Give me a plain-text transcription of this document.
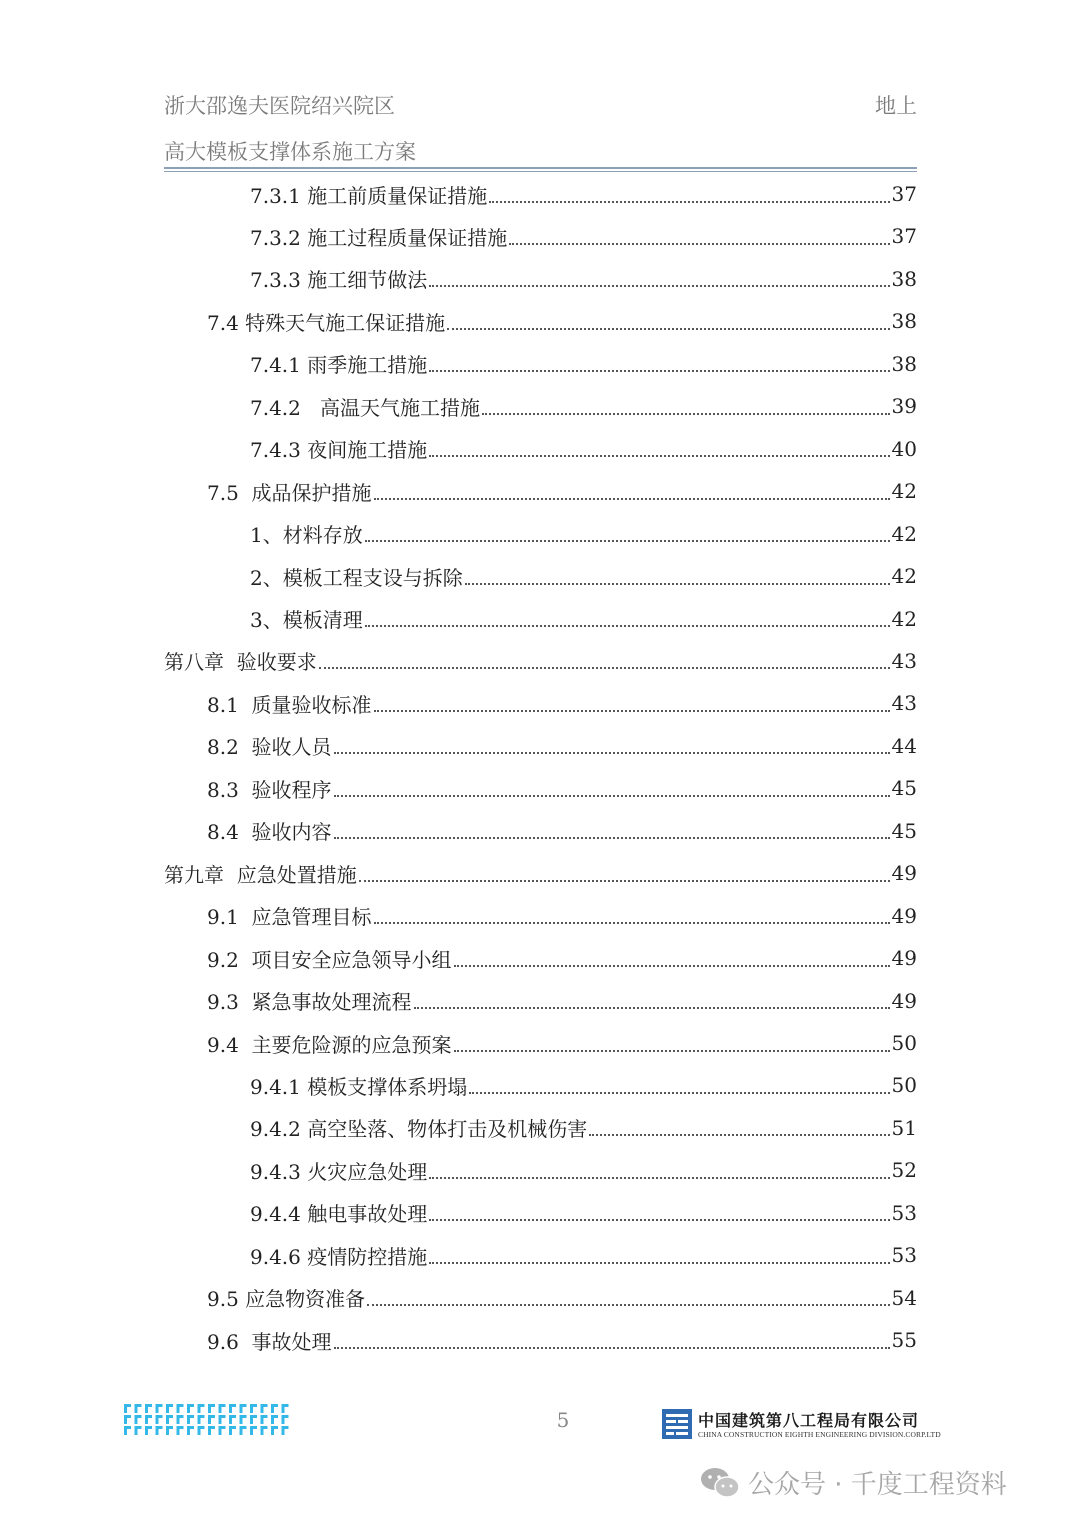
浙大邵逸夫医院绍兴院区	地上
高大模板支撑体系施工方案
7.3.1 施工前质量保证措施	37
7.3.2 施工过程质量保证措施	37
7.3.3 施工细节做法	38
7.4 特殊天气施工保证措施	38
7.4.1 雨季施工措施	38
7.4.2   高温天气施工措施	39
7.4.3 夜间施工措施	40
7.5  成品保护措施	42
1、材料存放	42
2、模板工程支设与拆除	42
3、模板清理	42
第八章  验收要求	43
8.1  质量验收标准	43
8.2  验收人员	44
8.3  验收程序	45
8.4  验收内容	45
第九章  应急处置措施	49
9.1  应急管理目标	49
9.2  项目安全应急领导小组	49
9.3  紧急事故处理流程	49
9.4  主要危险源的应急预案	50
9.4.1 模板支撑体系坍塌	50
9.4.2 高空坠落、物体打击及机械伤害	51
9.4.3 火灾应急处理	52
9.4.4 触电事故处理	53
9.4.6 疫情防控措施	53
9.5 应急物资准备	54
9.6  事故处理	55
5	中国建筑第八工程局有限公司
CHINA CONSTRUCTION EIGHTH ENGINEERING DIVISION.CORP.LTD
公众号 · 千度工程资料
